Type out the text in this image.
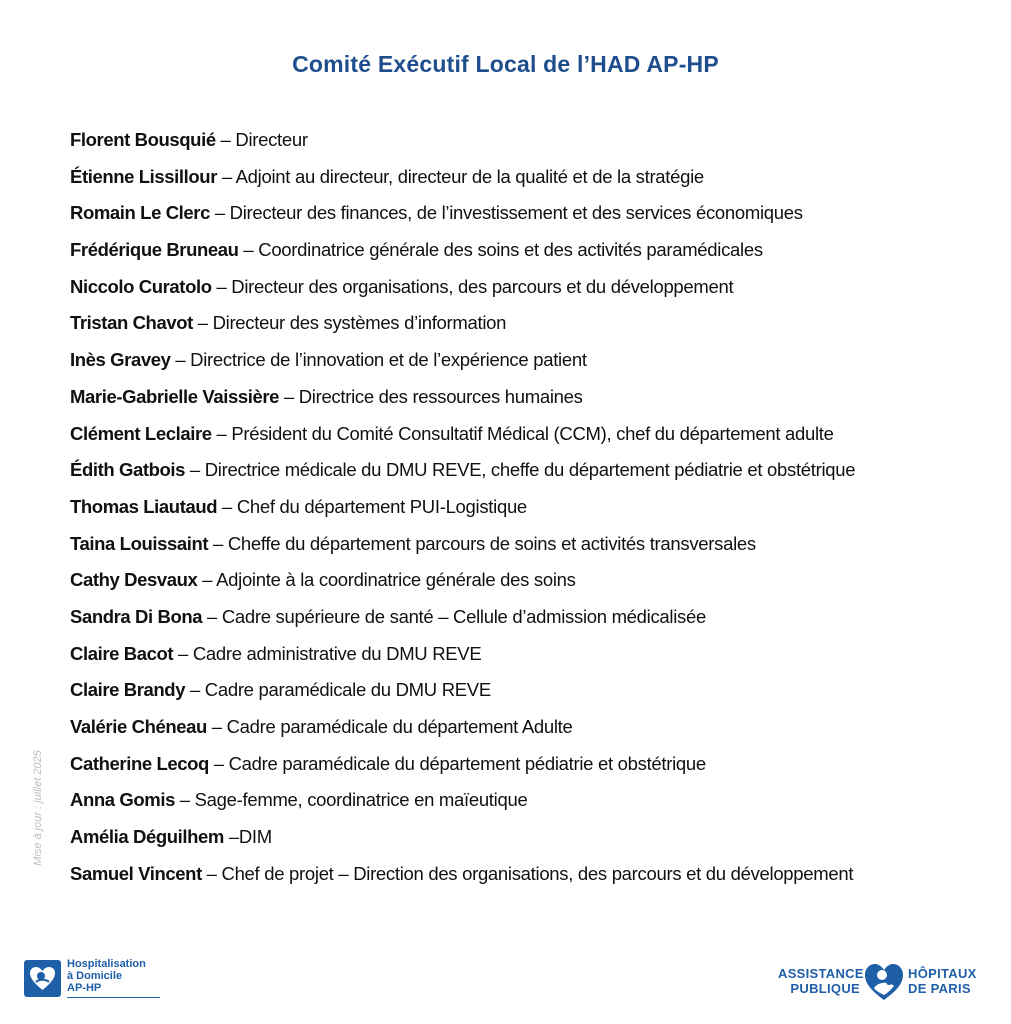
Comité Exécutif Local de l’HAD AP-HP
Florent Bousquié – Directeur
Étienne Lissillour – Adjoint au directeur, directeur de la qualité et de la stratégie
Romain Le Clerc – Directeur des finances, de l’investissement et des services économiques
Frédérique Bruneau – Coordinatrice générale des soins et des activités paramédicales
Niccolo Curatolo – Directeur des organisations, des parcours et du développement
Tristan Chavot – Directeur des systèmes d’information
Inès Gravey – Directrice de l’innovation et de l’expérience patient
Marie-Gabrielle Vaissière – Directrice des ressources humaines
Clément Leclaire – Président du Comité Consultatif Médical (CCM), chef du département adulte
Édith Gatbois – Directrice médicale du DMU REVE, cheffe du département pédiatrie et obstétrique
Thomas Liautaud – Chef du département PUI-Logistique
Taina Louissaint – Cheffe du département parcours de soins et activités transversales
Cathy Desvaux – Adjointe à la coordinatrice générale des soins
Sandra Di Bona – Cadre supérieure de santé – Cellule d’admission médicalisée
Claire Bacot – Cadre administrative du DMU REVE
Claire Brandy – Cadre paramédicale du DMU REVE
Valérie Chéneau – Cadre paramédicale du département Adulte
Catherine Lecoq – Cadre paramédicale du département pédiatrie et obstétrique
Anna Gomis – Sage-femme, coordinatrice en maïeutique
Amélia Déguilhem –DIM
Samuel Vincent – Chef de projet – Direction des organisations, des parcours et du développement
Mise à jour : juillet 2025
Hospitalisation
à Domicile
AP-HP
ASSISTANCE
PUBLIQUE
HÔPITAUX
DE PARIS
